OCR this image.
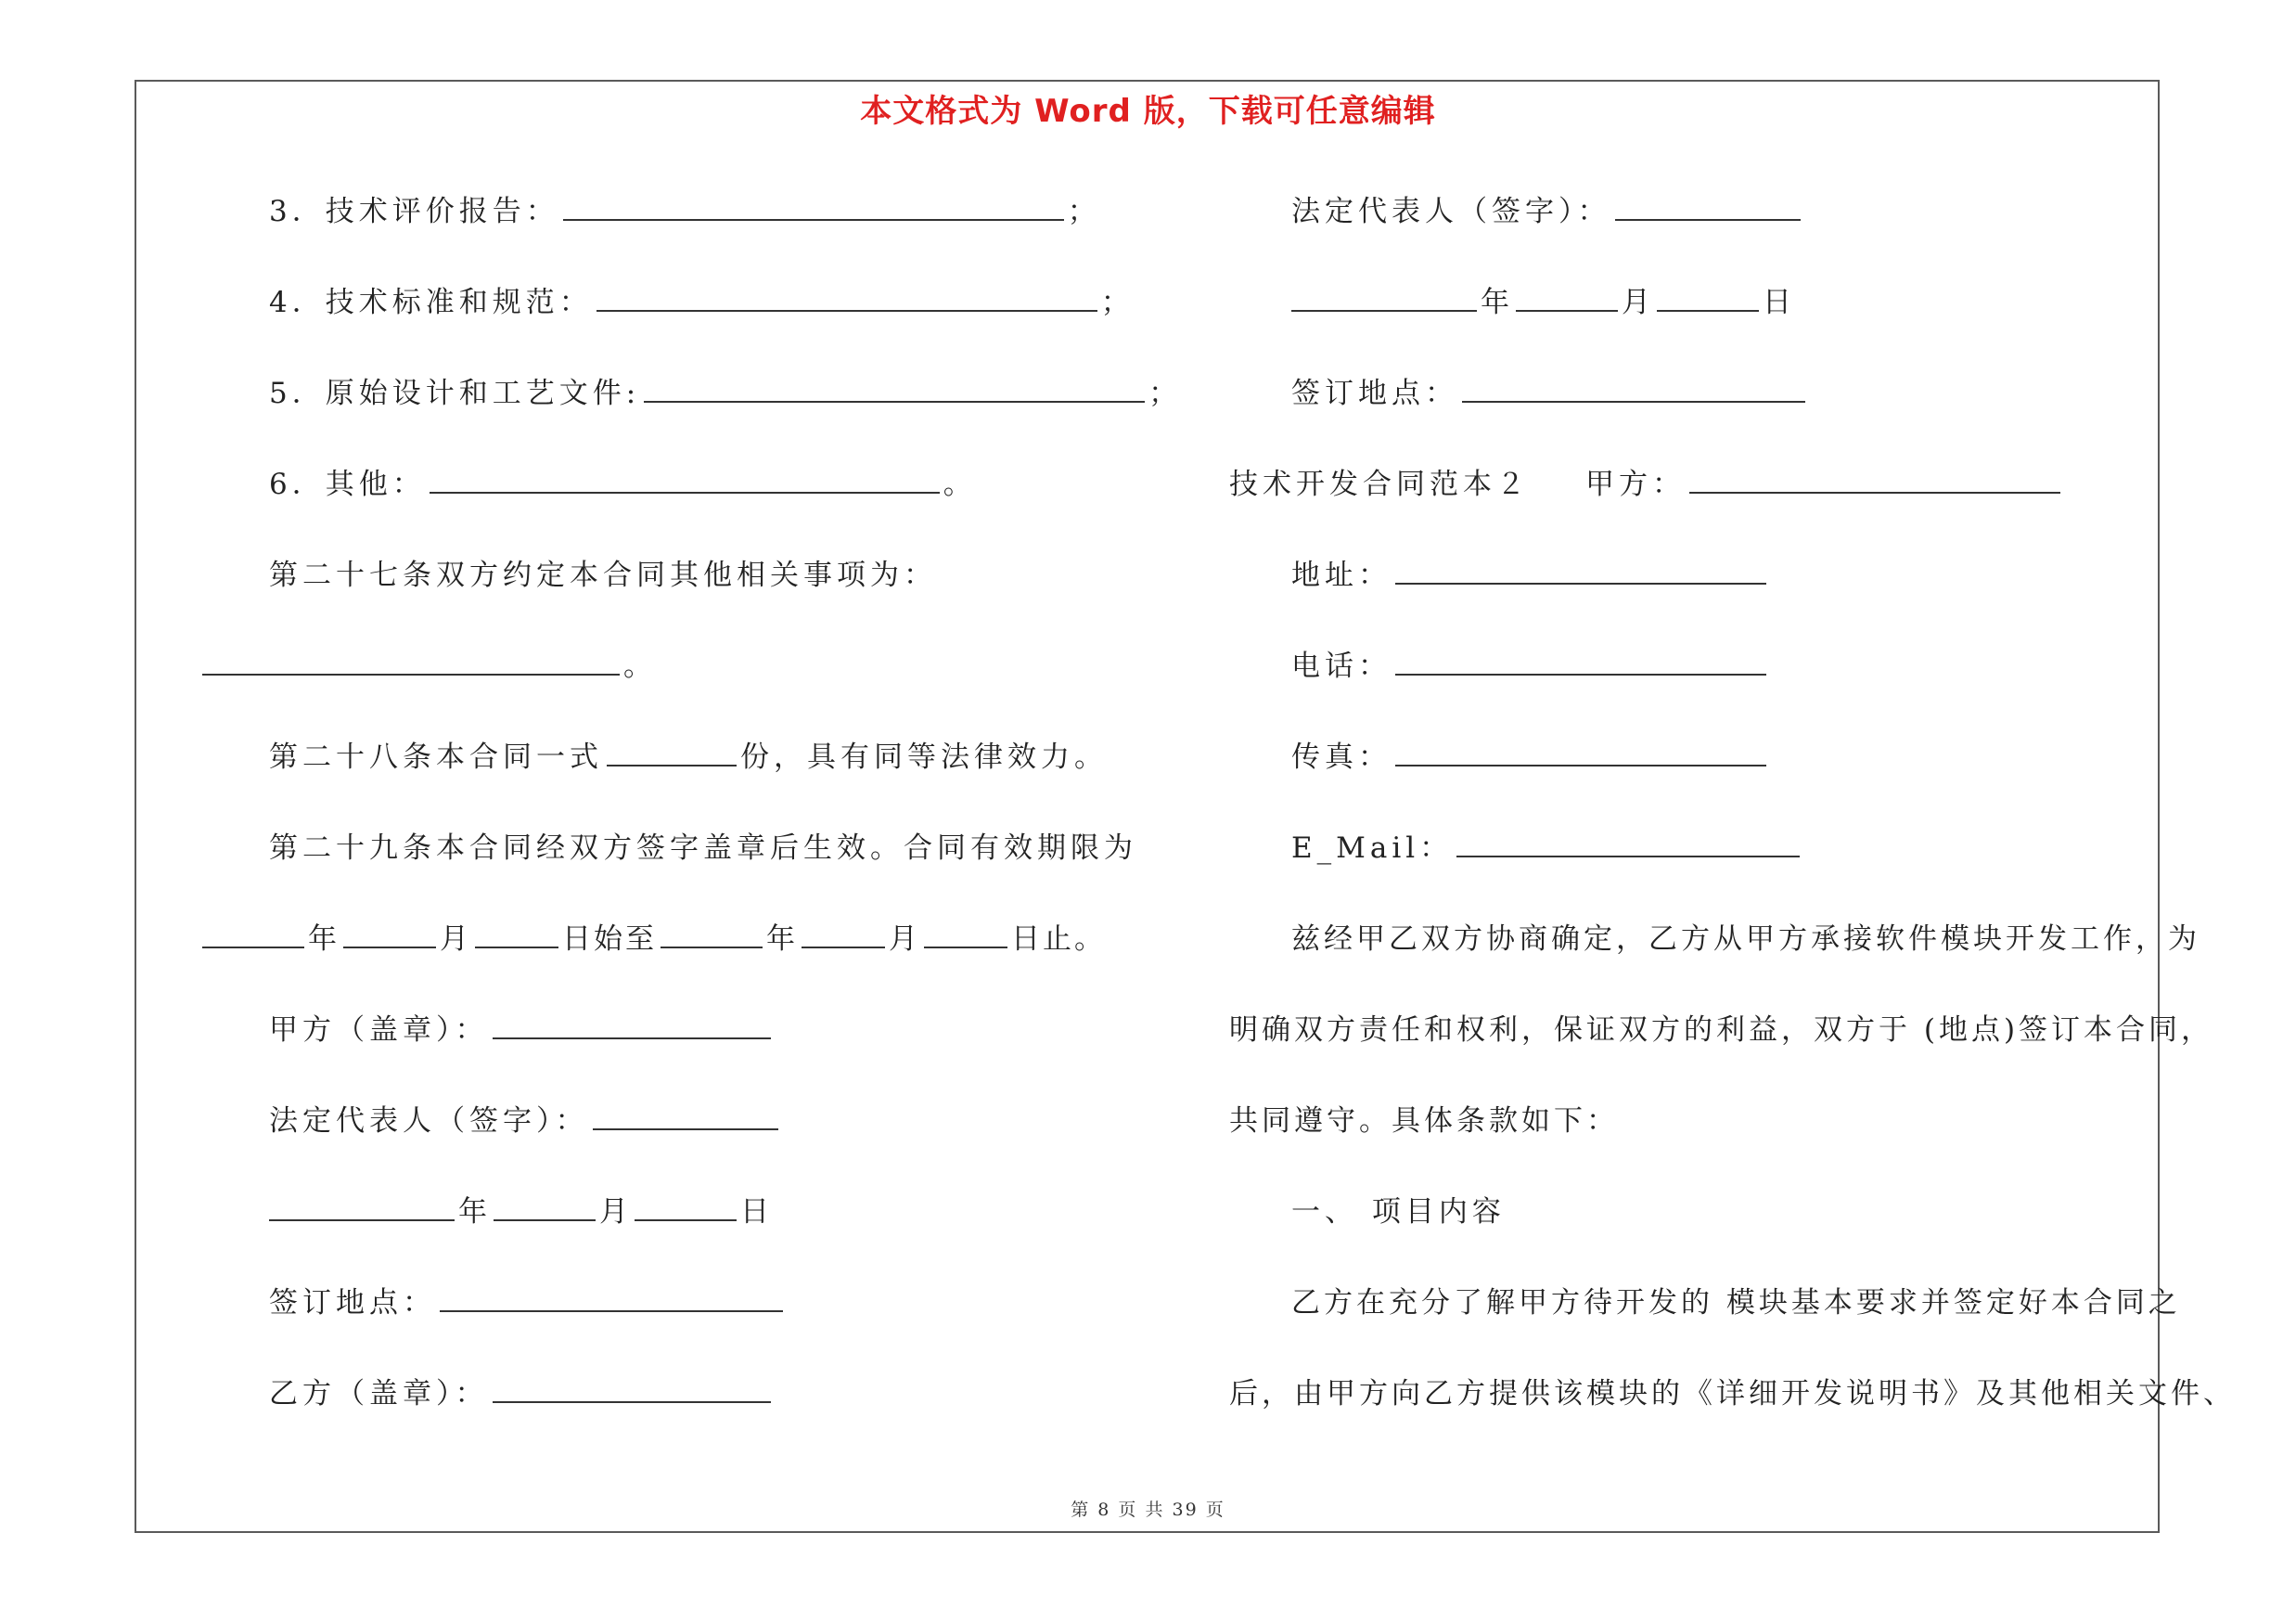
本文格式为 Word 版，下载可任意编辑
3．技术评价报告：	；
4．技术标准和规范：	；
5．原始设计和工艺文件:	；
6．其他：	。
第二十七条双方约定本合同其他相关事项为：
。
第二十八条本合同一式	份，具有同等法律效力。
第二十九条本合同经双方签字盖章后生效。合同有效期限为
年	月	日始至	年	月	日止。
甲方（盖章）：
法定代表人（签字）：
年	月	日
签订地点：
乙方（盖章）：
法定代表人（签字）：
年	月	日
签订地点：
技术开发合同范本２ 甲方：
地址：
电话：
传真：
E_Mail：
兹经甲乙双方协商确定，乙方从甲方承接软件模块开发工作，为
明确双方责任和权利，保证双方的利益，双方于 (地点)签订本合同，
共同遵守。具体条款如下：
一、 项目内容
乙方在充分了解甲方待开发的 模块基本要求并签定好本合同之
后，由甲方向乙方提供该模块的《详细开发说明书》及其他相关文件、
第 8 页 共 39 页
